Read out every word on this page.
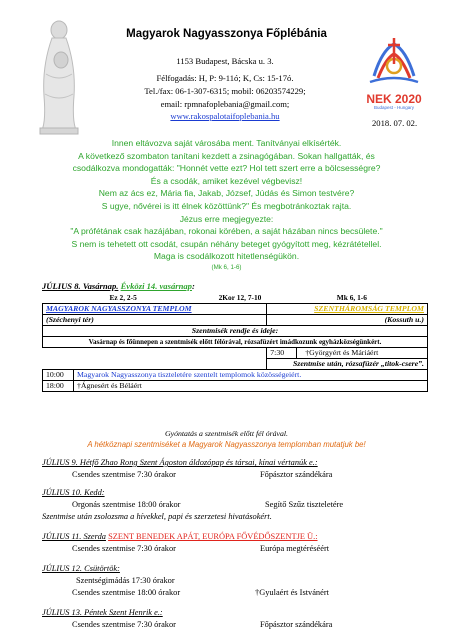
NEK 2020
Budapest - Hungary
Magyarok Nagyasszonya Főplébánia
1153 Budapest, Bácska u. 3.
Félfogadás: H, P: 9-11ó; K, Cs: 15-17ó.
Tel./fax: 06-1-307-6315; mobil: 06203574229;
email: rpmnafoplebania@gmail.com;
www.rakospalotaifoplebania.hu
2018. 07. 02.
Innen eltávozva saját városába ment. Tanítványai elkísérték.
A következő szombaton tanítani kezdett a zsinagógában. Sokan hallgatták, és
csodálkozva mondogatták: "Honnét vette ezt? Hol tett szert erre a bölcsességre?
És a csodák, amiket kezével végbevisz!
Nem az ács ez, Mária fia, Jakab, József, Júdás és Simon testvére?
S ugye, nővérei is itt élnek közöttünk?" És megbotránkoztak rajta.
Jézus erre megjegyezte:
"A prófétának csak hazájában, rokonai körében, a saját házában nincs becsülete."
S nem is tehetett ott csodát, csupán néhány beteget gyógyított meg, kézrátétellel.
Maga is csodálkozott hitetlenségükön.
(Mk 6, 1-6)
JÚLIUS 8. Vasárnap. Évközi 14. vasárnap:
Ez 2, 2-5 2Kor 12, 7-10 Mk 6, 1-6		
MAGYAROK NAGYASSZONYA TEMPLOM		SZENTHÁROMSÁG TEMPLOM
(Széchenyi tér)		(Kossuth u.)
Szentmisék rendje és ideje:		
Vasárnap és főünnepen a szentmisék előtt félórával, rózsafüzért imádkozunk egyházközségünkért.		
		7:30 †Györgyért és Máriáért
		Szentmise után, rózsafüzér „titok-csere”.
10:00	Magyarok Nagyasszonya tiszteletére szentelt templomok közösségeiért.	
18:00	†Ágnesért és Béláért	
Gyóntatás a szentmisék előtt fél órával.
A hétköznapi szentmiséket a Magyarok Nagyasszonya templomban mutatjuk be!
JÚLIUS 9. Hétfő Zhao Rong Szent Ágoston áldozópap és társai, kínai vértanúk e.:
Csendes szentmise 7:30 órakor	Főpásztor szándékára
JÚLIUS 10. Kedd:
Orgonás szentmise 18:00 órakor	Segítő Szűz tiszteletére
Szentmise után zsolozsma a hívekkel, papi és szerzetesi hivatásokért.
JÚLIUS 11. Szerda SZENT BENEDEK APÁT, EURÓPA FŐVÉDŐSZENTJE Ü.:
Csendes szentmise 7:30 órakor	Európa megtéréséért
JÚLIUS 12. Csütörtök:
Szentségimádás 17:30 órakor
Csendes szentmise 18:00 órakor	†Gyulaért és Istvánért
JÚLIUS 13. Péntek Szent Henrik e.:
Csendes szentmise 7:30 órakor	Főpásztor szándékára
